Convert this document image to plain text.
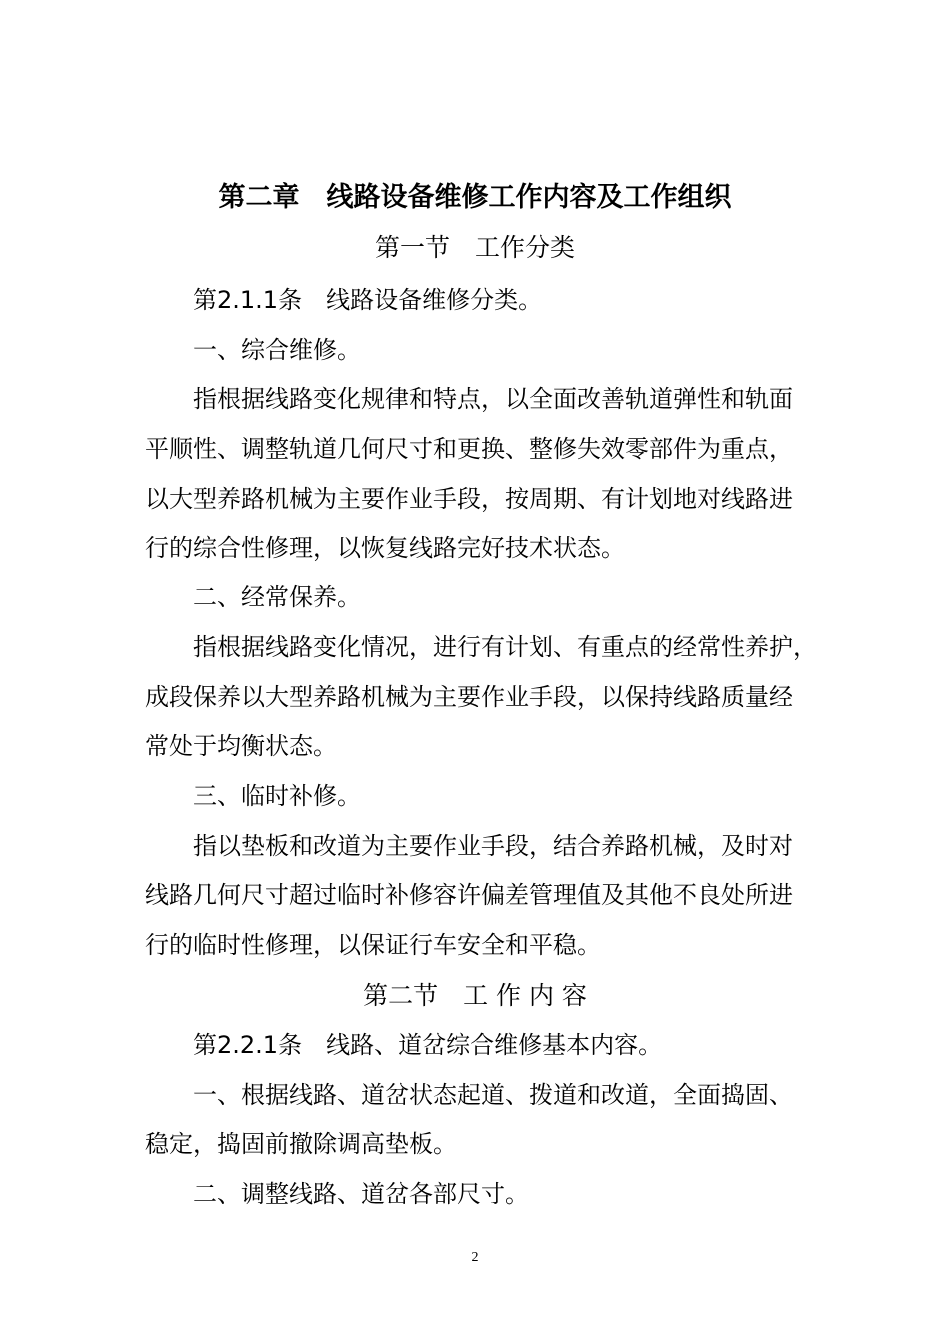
第二章　线路设备维修工作内容及工作组织
第一节　工作分类
第2.1.1条　线路设备维修分类。
一、综合维修。
指根据线路变化规律和特点，以全面改善轨道弹性和轨面
平顺性、调整轨道几何尺寸和更换、整修失效零部件为重点，
以大型养路机械为主要作业手段，按周期、有计划地对线路进
行的综合性修理，以恢复线路完好技术状态。
二、经常保养。
指根据线路变化情况，进行有计划、有重点的经常性养护，
成段保养以大型养路机械为主要作业手段，以保持线路质量经
常处于均衡状态。
三、临时补修。
指以垫板和改道为主要作业手段，结合养路机械，及时对
线路几何尺寸超过临时补修容许偏差管理值及其他不良处所进
行的临时性修理，以保证行车安全和平稳。
第二节　工 作 内 容
第2.2.1条　线路、道岔综合维修基本内容。
一、根据线路、道岔状态起道、拨道和改道，全面捣固、
稳定，捣固前撤除调高垫板。
二、调整线路、道岔各部尺寸。
2
